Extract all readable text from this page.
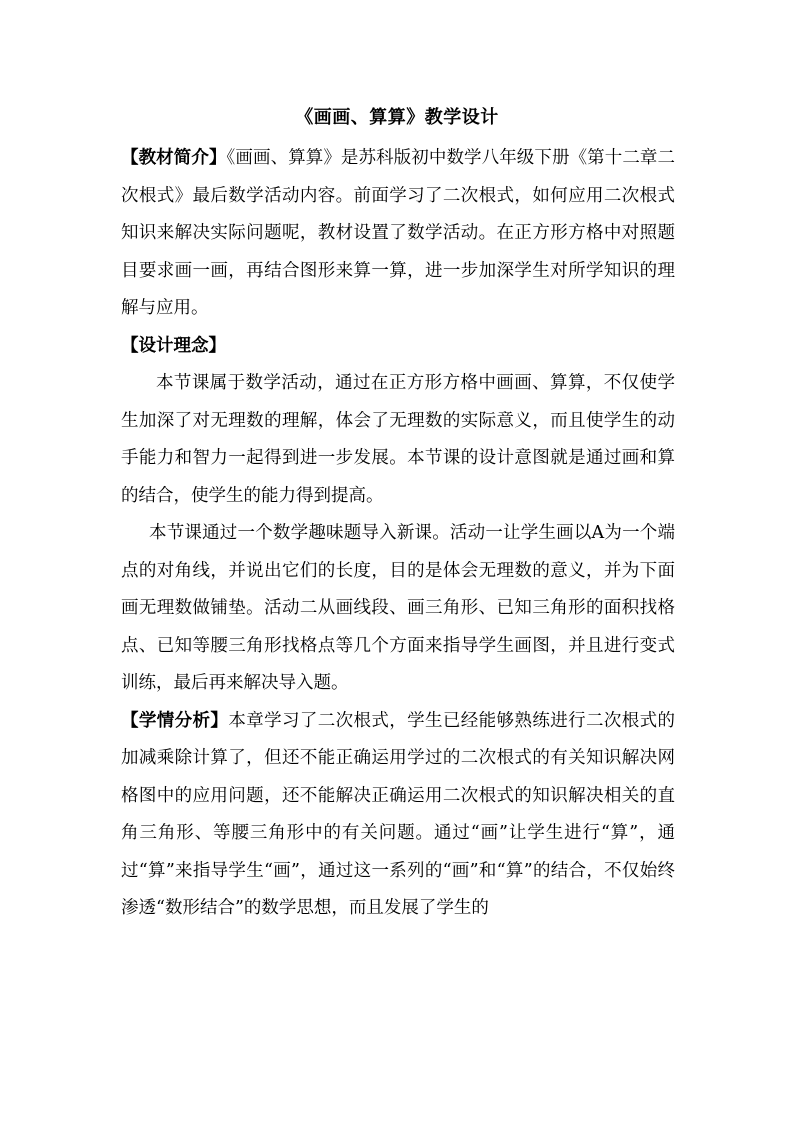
《画画、算算》教学设计

【教材简介】《画画、算算》是苏科版初中数学八年级下册《第十二章二次根式》最后数学活动内容。前面学习了二次根式，如何应用二次根式知识来解决实际问题呢，教材设置了数学活动。在正方形方格中对照题目要求画一画，再结合图形来算一算，进一步加深学生对所学知识的理解与应用。

【设计理念】

本节课属于数学活动，通过在正方形方格中画画、算算，不仅使学生加深了对无理数的理解，体会了无理数的实际意义，而且使学生的动手能力和智力一起得到进一步发展。本节课的设计意图就是通过画和算的结合，使学生的能力得到提高。

本节课通过一个数学趣味题导入新课。活动一让学生画以A为一个端点的对角线，并说出它们的长度，目的是体会无理数的意义，并为下面画无理数做铺垫。活动二从画线段、画三角形、已知三角形的面积找格点、已知等腰三角形找格点等几个方面来指导学生画图，并且进行变式训练，最后再来解决导入题。

【学情分析】本章学习了二次根式，学生已经能够熟练进行二次根式的加减乘除计算了，但还不能正确运用学过的二次根式的有关知识解决网格图中的应用问题，还不能解决正确运用二次根式的知识解决相关的直角三角形、等腰三角形中的有关问题。通过“画”让学生进行“算”，通过“算”来指导学生“画”，通过这一系列的“画”和“算”的结合，不仅始终渗透“数形结合”的数学思想，而且发展了学生的
